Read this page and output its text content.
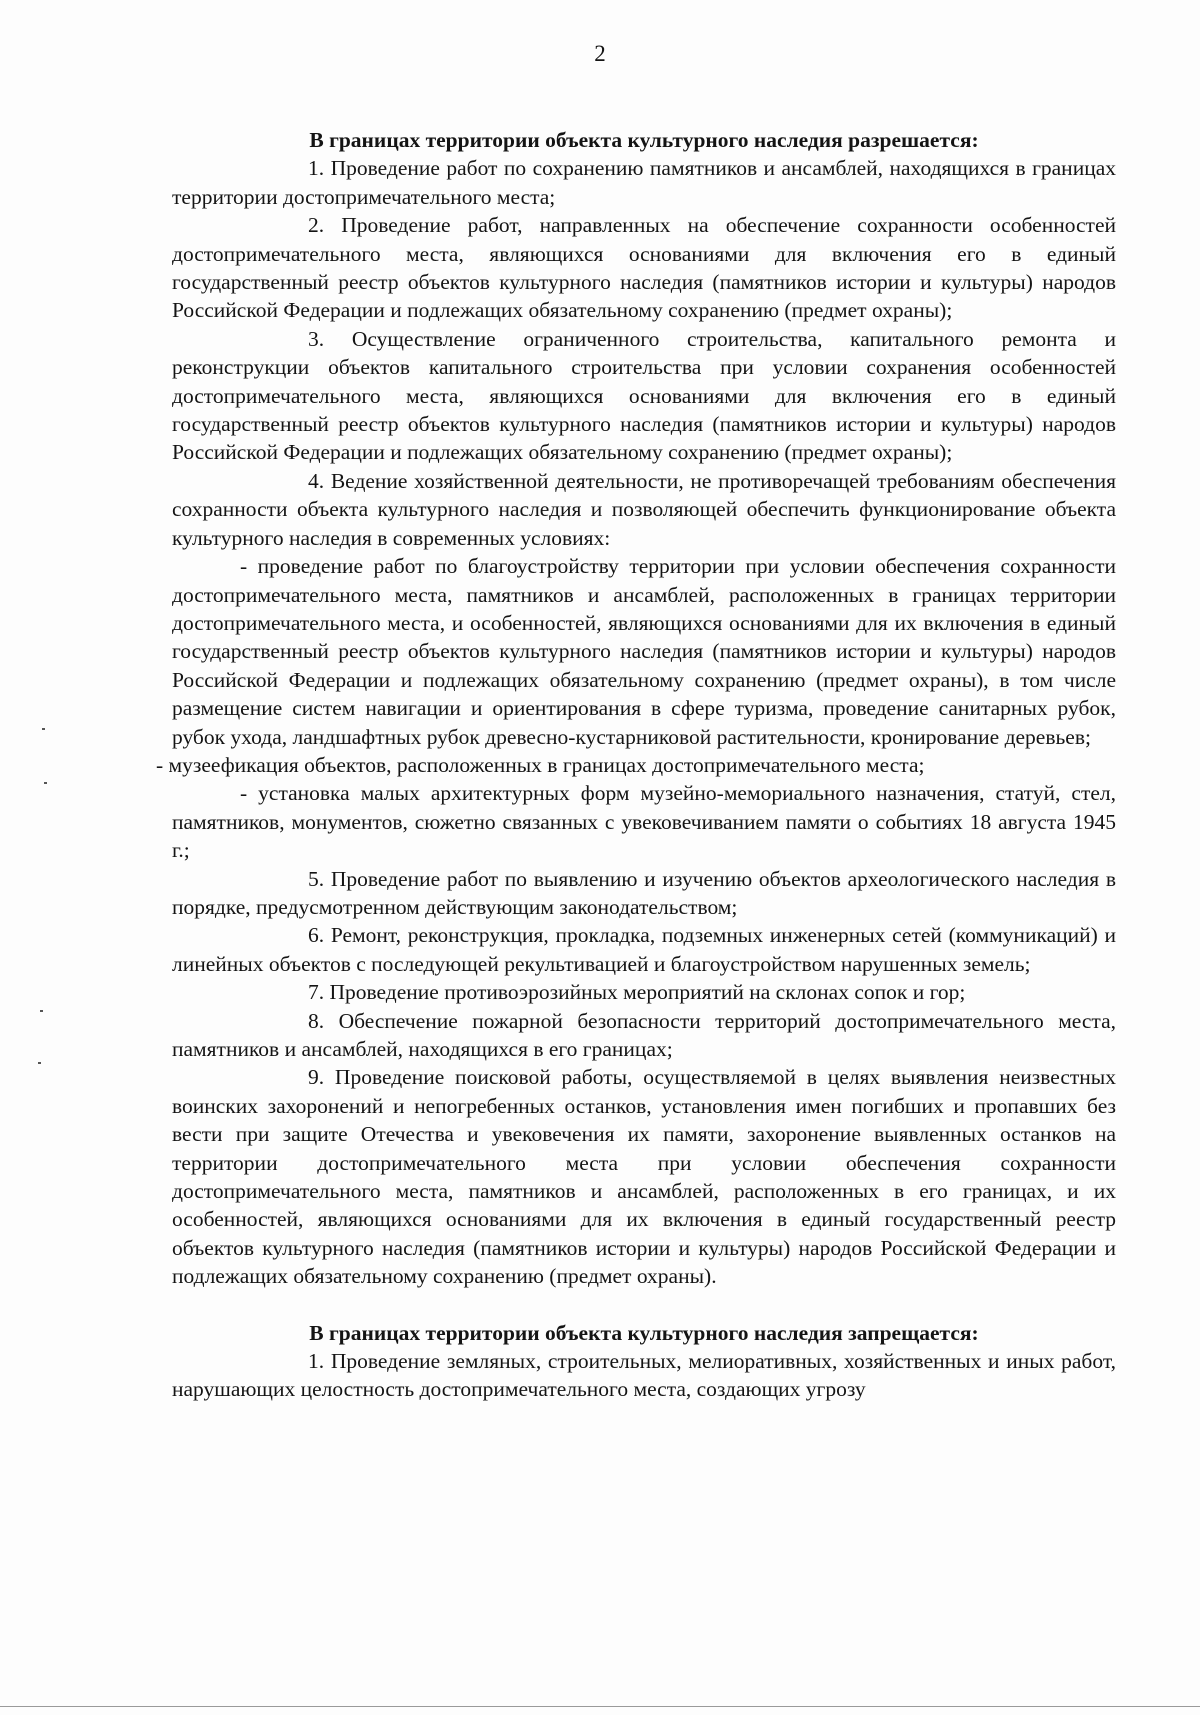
2

В границах территории объекта культурного наследия разрешается:

1. Проведение работ по сохранению памятников и ансамблей, находящихся в границах территории достопримечательного места;

2. Проведение работ, направленных на обеспечение сохранности особенностей достопримечательного места, являющихся основаниями для включения его в единый государственный реестр объектов культурного наследия (памятников истории и культуры) народов Российской Федерации и подлежащих обязательному сохранению (предмет охраны);

3. Осуществление ограниченного строительства, капитального ремонта и реконструкции объектов капитального строительства при условии сохранения особенностей достопримечательного места, являющихся основаниями для включения его в единый государственный реестр объектов культурного наследия (памятников истории и культуры) народов Российской Федерации и подлежащих обязательному сохранению (предмет охраны);

4. Ведение хозяйственной деятельности, не противоречащей требованиям обеспечения сохранности объекта культурного наследия и позволяющей обеспечить функционирование объекта культурного наследия в современных условиях:

- проведение работ по благоустройству территории при условии обеспечения сохранности достопримечательного места, памятников и ансамблей, расположенных в границах территории достопримечательного места, и особенностей, являющихся основаниями для их включения в единый государственный реестр объектов культурного наследия (памятников истории и культуры) народов Российской Федерации и подлежащих обязательному сохранению (предмет охраны), в том числе размещение систем навигации и ориентирования в сфере туризма, проведение санитарных рубок, рубок ухода, ландшафтных рубок древесно-кустарниковой растительности, кронирование деревьев;

- музеефикация объектов, расположенных в границах достопримечательного места;

- установка малых архитектурных форм музейно-мемориального назначения, статуй, стел, памятников, монументов, сюжетно связанных с увековечиванием памяти о событиях 18 августа 1945 г.;

5. Проведение работ по выявлению и изучению объектов археологического наследия в порядке, предусмотренном действующим законодательством;

6. Ремонт, реконструкция, прокладка, подземных инженерных сетей (коммуникаций) и линейных объектов с последующей рекультивацией и благоустройством нарушенных земель;

7. Проведение противоэрозийных мероприятий на склонах сопок и гор;

8. Обеспечение пожарной безопасности территорий достопримечательного места, памятников и ансамблей, находящихся в его границах;

9. Проведение поисковой работы, осуществляемой в целях выявления неизвестных воинских захоронений и непогребенных останков, установления имен погибших и пропавших без вести при защите Отечества и увековечения их памяти, захоронение выявленных останков на территории достопримечательного места при условии обеспечения сохранности достопримечательного места, памятников и ансамблей, расположенных в его границах, и их особенностей, являющихся основаниями для их включения в единый государственный реестр объектов культурного наследия (памятников истории и культуры) народов Российской Федерации и подлежащих обязательному сохранению (предмет охраны).

В границах территории объекта культурного наследия запрещается:

1. Проведение земляных, строительных, мелиоративных, хозяйственных и иных работ, нарушающих целостность достопримечательного места, создающих угрозу
